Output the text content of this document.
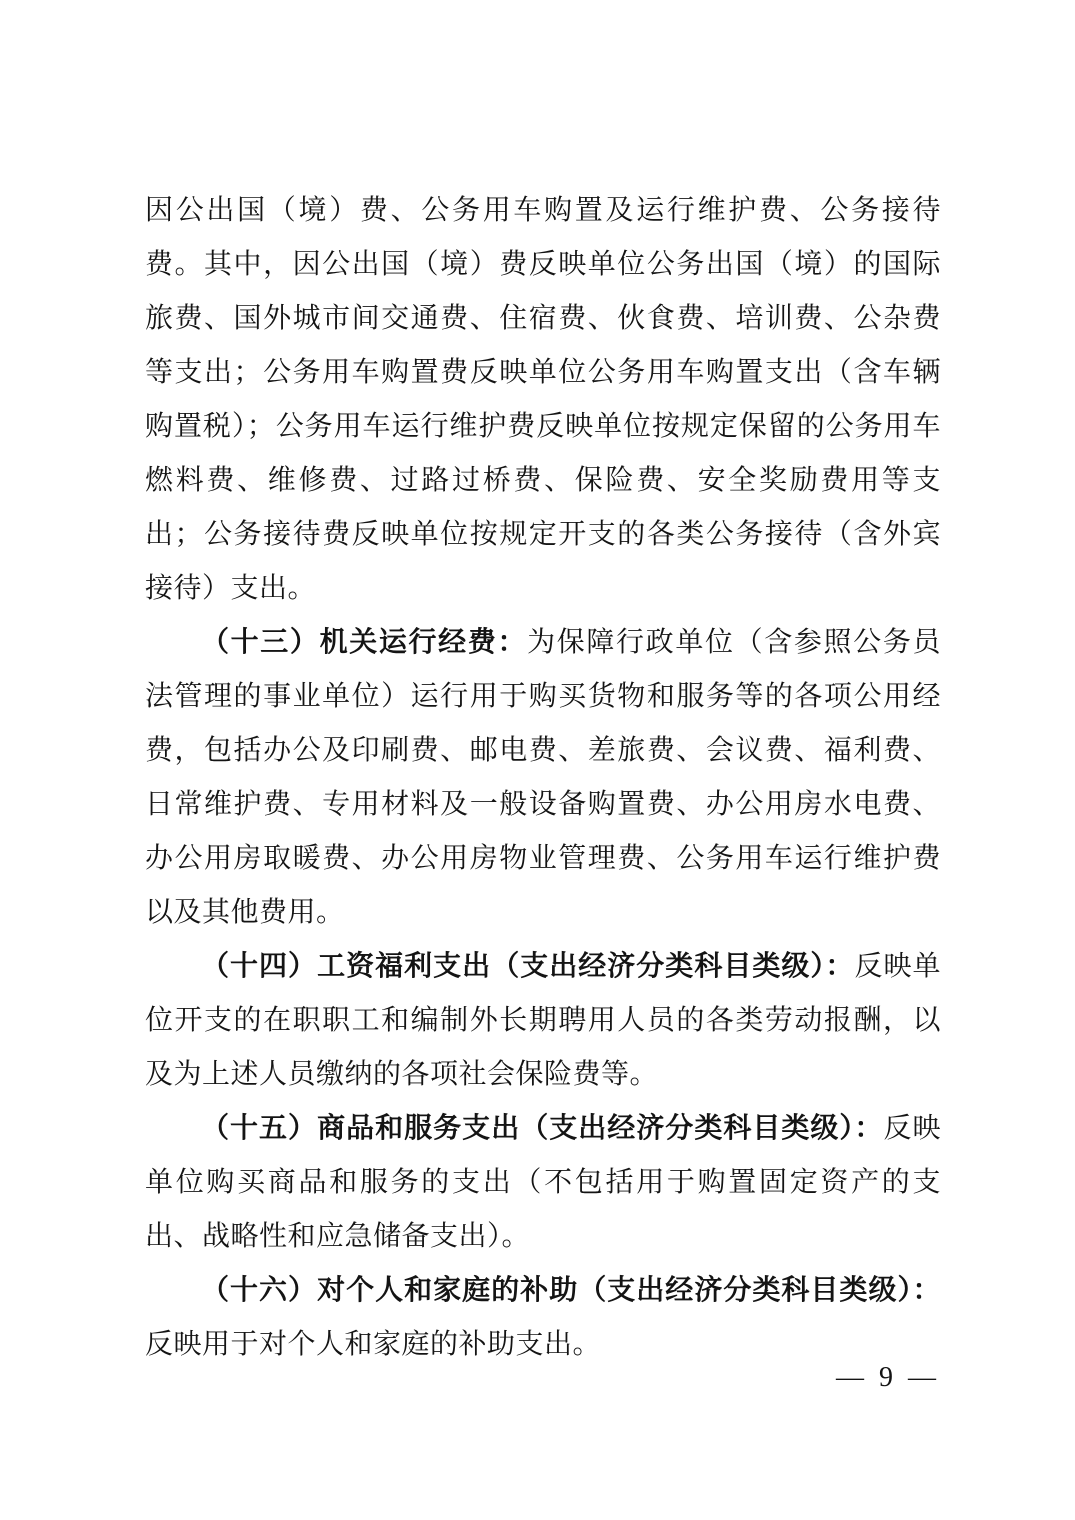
因公出国（境）费、公务用车购置及运行维护费、公务接待费。其中，因公出国（境）费反映单位公务出国（境）的国际旅费、国外城市间交通费、住宿费、伙食费、培训费、公杂费等支出；公务用车购置费反映单位公务用车购置支出（含车辆购置税）；公务用车运行维护费反映单位按规定保留的公务用车燃料费、维修费、过路过桥费、保险费、安全奖励费用等支出；公务接待费反映单位按规定开支的各类公务接待（含外宾接待）支出。

（十三）机关运行经费：为保障行政单位（含参照公务员法管理的事业单位）运行用于购买货物和服务等的各项公用经费，包括办公及印刷费、邮电费、差旅费、会议费、福利费、日常维护费、专用材料及一般设备购置费、办公用房水电费、办公用房取暖费、办公用房物业管理费、公务用车运行维护费以及其他费用。

（十四）工资福利支出（支出经济分类科目类级）：反映单位开支的在职职工和编制外长期聘用人员的各类劳动报酬，以及为上述人员缴纳的各项社会保险费等。

（十五）商品和服务支出（支出经济分类科目类级）：反映单位购买商品和服务的支出（不包括用于购置固定资产的支出、战略性和应急储备支出）。

（十六）对个人和家庭的补助（支出经济分类科目类级）：反映用于对个人和家庭的补助支出。

— 9 —
